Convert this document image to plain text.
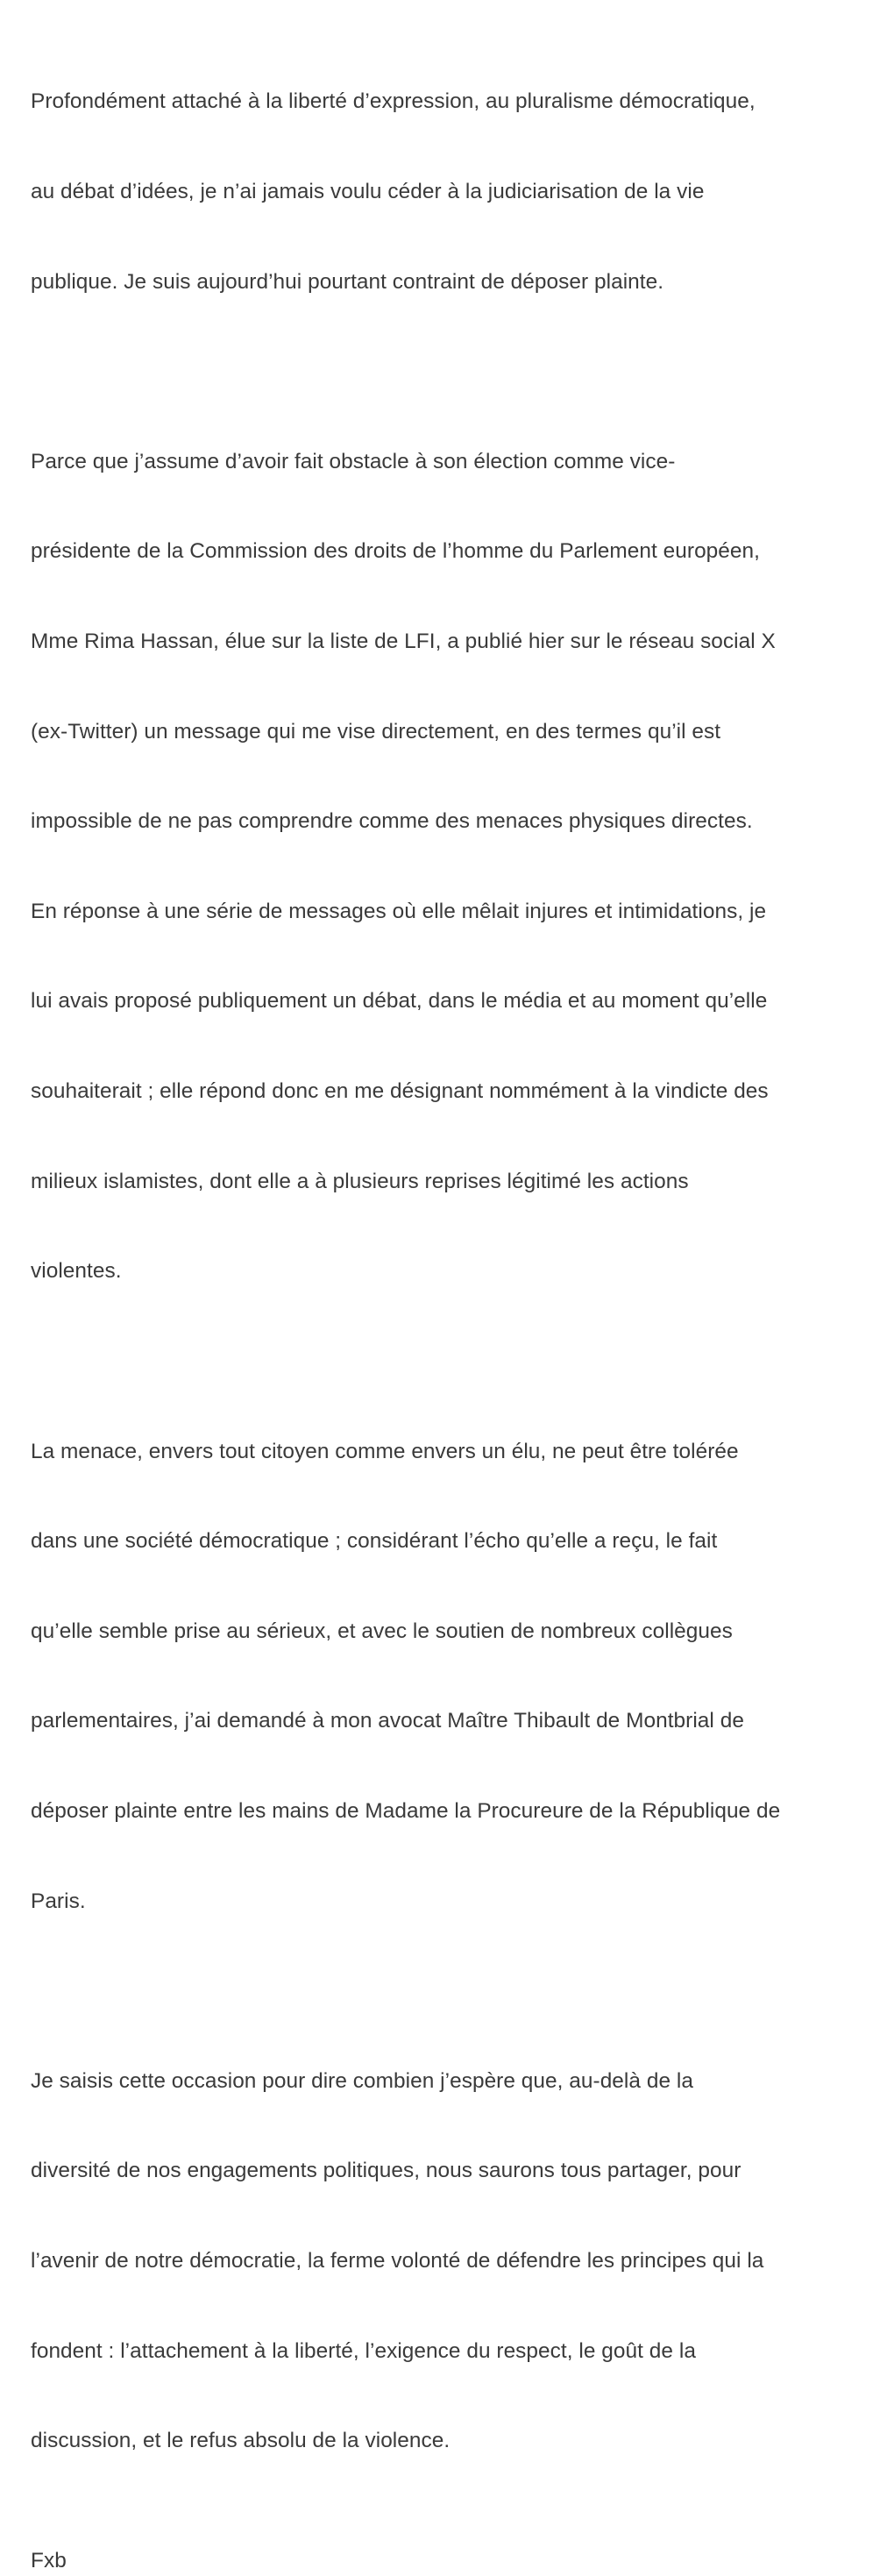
Profondément attaché à la liberté d’expression, au pluralisme démocratique,

au débat d’idées, je n’ai jamais voulu céder à la judiciarisation de la vie

publique. Je suis aujourd’hui pourtant contraint de déposer plainte.

Parce que j’assume d’avoir fait obstacle à son élection comme vice-

présidente de la Commission des droits de l’homme du Parlement européen,

Mme Rima Hassan, élue sur la liste de LFI, a publié hier sur le réseau social X

(ex-Twitter) un message qui me vise directement, en des termes qu’il est

impossible de ne pas comprendre comme des menaces physiques directes.

En réponse à une série de messages où elle mêlait injures et intimidations, je

lui avais proposé publiquement un débat, dans le média et au moment qu’elle

souhaiterait ; elle répond donc en me désignant nommément à la vindicte des

milieux islamistes, dont elle a à plusieurs reprises légitimé les actions

violentes.

La menace, envers tout citoyen comme envers un élu, ne peut être tolérée

dans une société démocratique ; considérant l’écho qu’elle a reçu, le fait

qu’elle semble prise au sérieux, et avec le soutien de nombreux collègues

parlementaires, j’ai demandé à mon avocat Maître Thibault de Montbrial de

déposer plainte entre les mains de Madame la Procureure de la République de

Paris.

Je saisis cette occasion pour dire combien j’espère que, au-delà de la

diversité de nos engagements politiques, nous saurons tous partager, pour

l’avenir de notre démocratie, la ferme volonté de défendre les principes qui la

fondent : l’attachement à la liberté, l’exigence du respect, le goût de la

discussion, et le refus absolu de la violence.

Fxb
